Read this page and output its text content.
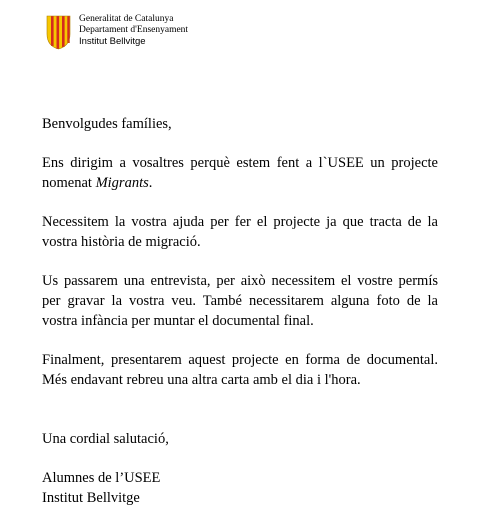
Generalitat de Catalunya
Departament d'Ensenyament
Institut Bellvitge

Benvolgudes famílies,

Ens dirigim a vosaltres perquè estem fent a l`USEE un projecte nomenat Migrants.

Necessitem la vostra ajuda per fer el projecte ja que tracta de la vostra història de migració.

Us passarem una entrevista, per això necessitem el vostre permís per gravar la vostra veu. També necessitarem alguna foto de la vostra infància per muntar el documental final.

Finalment, presentarem aquest projecte en forma de documental. Més endavant rebreu una altra carta amb el dia i l'hora.

Una cordial salutació,

Alumnes de l’USEE

Institut Bellvitge
